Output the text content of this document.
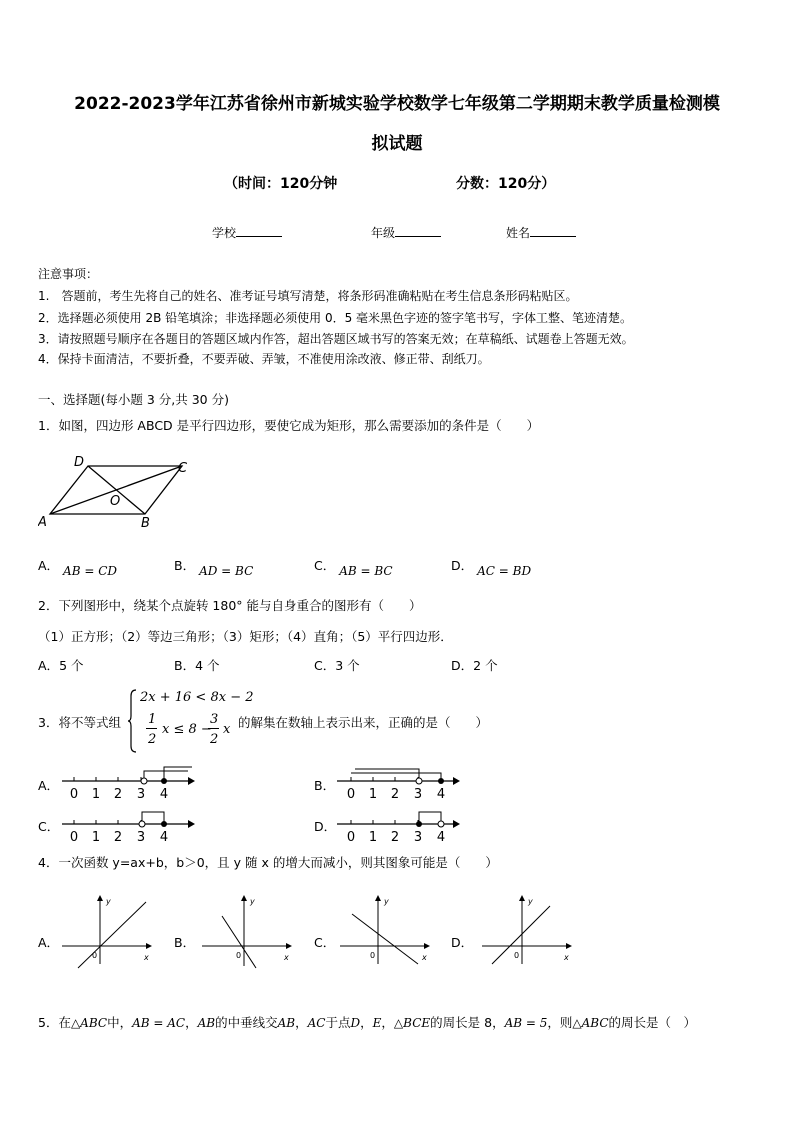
2022-2023学年江苏省徐州市新城实验学校数学七年级第二学期期末教学质量检测模
拟试题
（时间：120分钟	分数：120分）
学校	年级	姓名
注意事项：
1.　答题前，考生先将自己的姓名、准考证号填写清楚，将条形码准确粘贴在考生信息条形码粘贴区。
2．选择题必须使用 2B 铅笔填涂；非选择题必须使用 0．5 毫米黑色字迹的签字笔书写，字体工整、笔迹清楚。
3．请按照题号顺序在各题目的答题区域内作答，超出答题区域书写的答案无效；在草稿纸、试题卷上答题无效。
4．保持卡面清洁，不要折叠，不要弄破、弄皱，不准使用涂改液、修正带、刮纸刀。
一、选择题(每小题 3 分,共 30 分)
1．如图，四边形 ABCD 是平行四边形，要使它成为矩形，那么需要添加的条件是（　　）
D	C
A	B
O
A． AB = CD	B． AD = BC	C． AB = BC	D． AC = BD
2．下列图形中，绕某个点旋转 180° 能与自身重合的图形有（　　）
（1）正方形；（2）等边三角形；（3）矩形；（4）直角；（5）平行四边形．
A．5 个	B．4 个	C．3 个	D．2 个
3．将不等式组
2x + 16 < 8x − 2
1
2
x ≤ 8 −
3
2
x 的解集在数轴上表示出来，正确的是（　　）
A．
0 1 2 3 4
B．
0 1 2 3 4
C．
0 1 2 3 4
D．
0 1 2 3 4
4．一次函数 y=ax+b，b＞0，且 y 随 x 的增大而减小，则其图象可能是（　　）
A．
y
x
0
B．
y
x
0
C．
y
x
0
D．
y
x
0
5．在△ABC中，AB = AC，AB的中垂线交AB，AC于点D，E，△BCE的周长是 8，AB = 5，则△ABC的周长是（　）
